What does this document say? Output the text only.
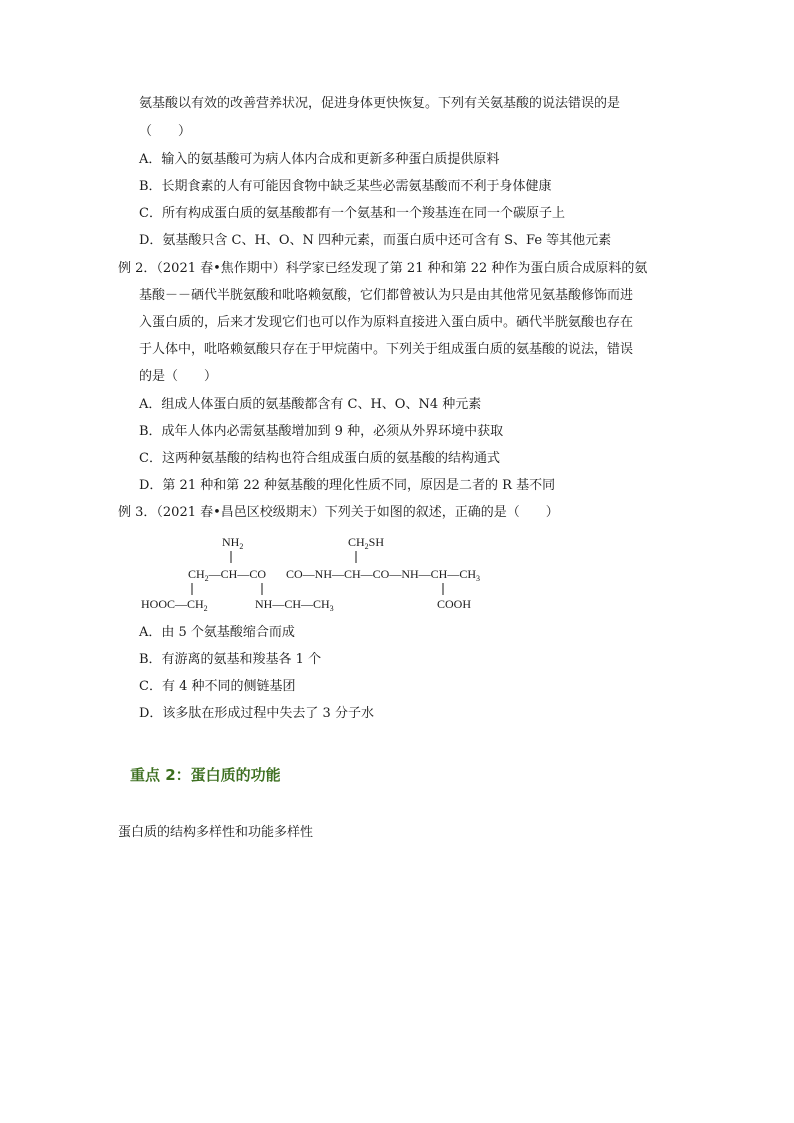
氨基酸以有效的改善营养状况，促进身体更快恢复。下列有关氨基酸的说法错误的是
（　　）
A．输入的氨基酸可为病人体内合成和更新多种蛋白质提供原料
B．长期食素的人有可能因食物中缺乏某些必需氨基酸而不利于身体健康
C．所有构成蛋白质的氨基酸都有一个氨基和一个羧基连在同一个碳原子上
D．氨基酸只含 C、H、O、N 四种元素，而蛋白质中还可含有 S、Fe 等其他元素
例 2．（2021 春•焦作期中）科学家已经发现了第 21 种和第 22 种作为蛋白质合成原料的氨
基酸－－硒代半胱氨酸和吡咯赖氨酸，它们都曾被认为只是由其他常见氨基酸修饰而进
入蛋白质的，后来才发现它们也可以作为原料直接进入蛋白质中。硒代半胱氨酸也存在
于人体中，吡咯赖氨酸只存在于甲烷菌中。下列关于组成蛋白质的氨基酸的说法，错误
的是（　　）
A．组成人体蛋白质的氨基酸都含有 C、H、O、N4 种元素
B．成年人体内必需氨基酸增加到 9 种，必须从外界环境中获取
C．这两种氨基酸的结构也符合组成蛋白质的氨基酸的结构通式
D．第 21 种和第 22 种氨基酸的理化性质不同，原因是二者的 R 基不同
例 3．（2021 春•昌邑区校级期末）下列关于如图的叙述，正确的是（　　）
$NH_2$	$CH_2SH$
$CH_2—CH—CO$ $CO—NH—CH—CO—NH—CH—CH_3$
$HOOC—CH_2$	$NH—CH—CH_3$	COOH
A．由 5 个氨基酸缩合而成
B．有游离的氨基和羧基各 1 个
C．有 4 种不同的侧链基团
D．该多肽在形成过程中失去了 3 分子水
重点 2：蛋白质的功能
蛋白质的结构多样性和功能多样性
